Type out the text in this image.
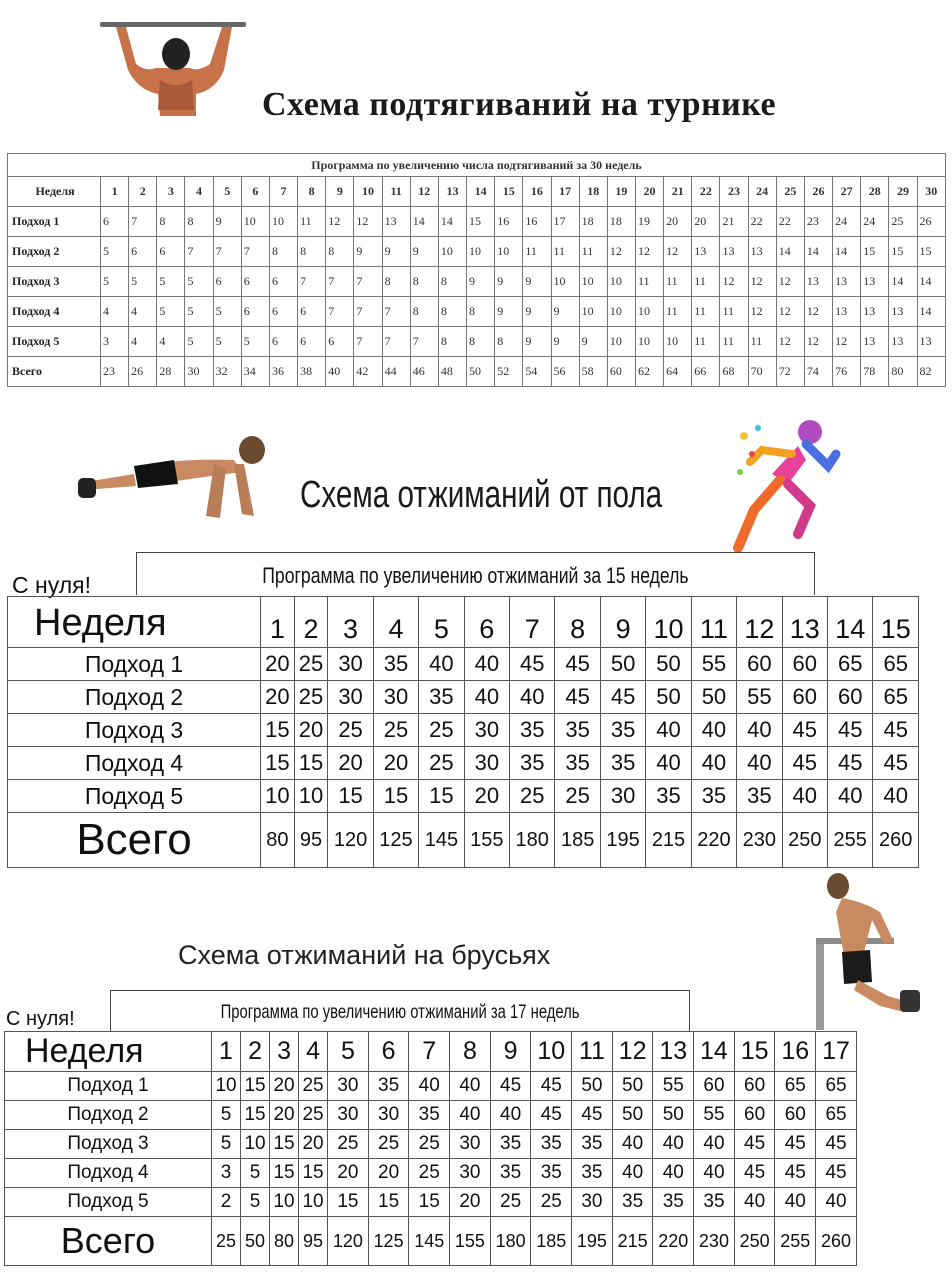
Схема подтягиваний на турнике
Программа по увеличению числа подтягиваний за 30 недель																														
Неделя	1	2	3	4	5	6	7	8	9	10	11	12	13	14	15	16	17	18	19	20	21	22	23	24	25	26	27	28	29	30
Подход 1	6	7	8	8	9	10	10	11	12	12	13	14	14	15	16	16	17	18	18	19	20	20	21	22	22	23	24	24	25	26
Подход 2	5	6	6	7	7	7	8	8	8	9	9	9	10	10	10	11	11	11	12	12	12	13	13	13	14	14	14	15	15	15
Подход 3	5	5	5	5	6	6	6	7	7	7	8	8	8	9	9	9	10	10	10	11	11	11	12	12	12	13	13	13	14	14
Подход 4	4	4	5	5	5	6	6	6	7	7	7	8	8	8	9	9	9	10	10	10	11	11	11	12	12	12	13	13	13	14
Подход 5	3	4	4	5	5	5	6	6	6	7	7	7	8	8	8	9	9	9	10	10	10	11	11	11	12	12	12	13	13	13
Всего	23	26	28	30	32	34	36	38	40	42	44	46	48	50	52	54	56	58	60	62	64	66	68	70	72	74	76	78	80	82
Схема отжиманий от пола
С нуля!	Программа по увеличению отжиманий за 15 недель
Неделя	1	2	3	4	5	6	7	8	9	10	11	12	13	14	15
Подход 1	20	25	30	35	40	40	45	45	50	50	55	60	60	65	65
Подход 2	20	25	30	30	35	40	40	45	45	50	50	55	60	60	65
Подход 3	15	20	25	25	25	30	35	35	35	40	40	40	45	45	45
Подход 4	15	15	20	20	25	30	35	35	35	40	40	40	45	45	45
Подход 5	10	10	15	15	15	20	25	25	30	35	35	35	40	40	40
Всего	80	95	120	125	145	155	180	185	195	215	220	230	250	255	260
Схема отжиманий на брусьях
С нуля!	Программа по увеличению отжиманий за 17 недель
Неделя	1	2	3	4	5	6	7	8	9	10	11	12	13	14	15	16	17
Подход 1	10	15	20	25	30	35	40	40	45	45	50	50	55	60	60	65	65
Подход 2	5	15	20	25	30	30	35	40	40	45	45	50	50	55	60	60	65
Подход 3	5	10	15	20	25	25	25	30	35	35	35	40	40	40	45	45	45
Подход 4	3	5	15	15	20	20	25	30	35	35	35	40	40	40	45	45	45
Подход 5	2	5	10	10	15	15	15	20	25	25	30	35	35	35	40	40	40
Всего	25	50	80	95	120	125	145	155	180	185	195	215	220	230	250	255	260
